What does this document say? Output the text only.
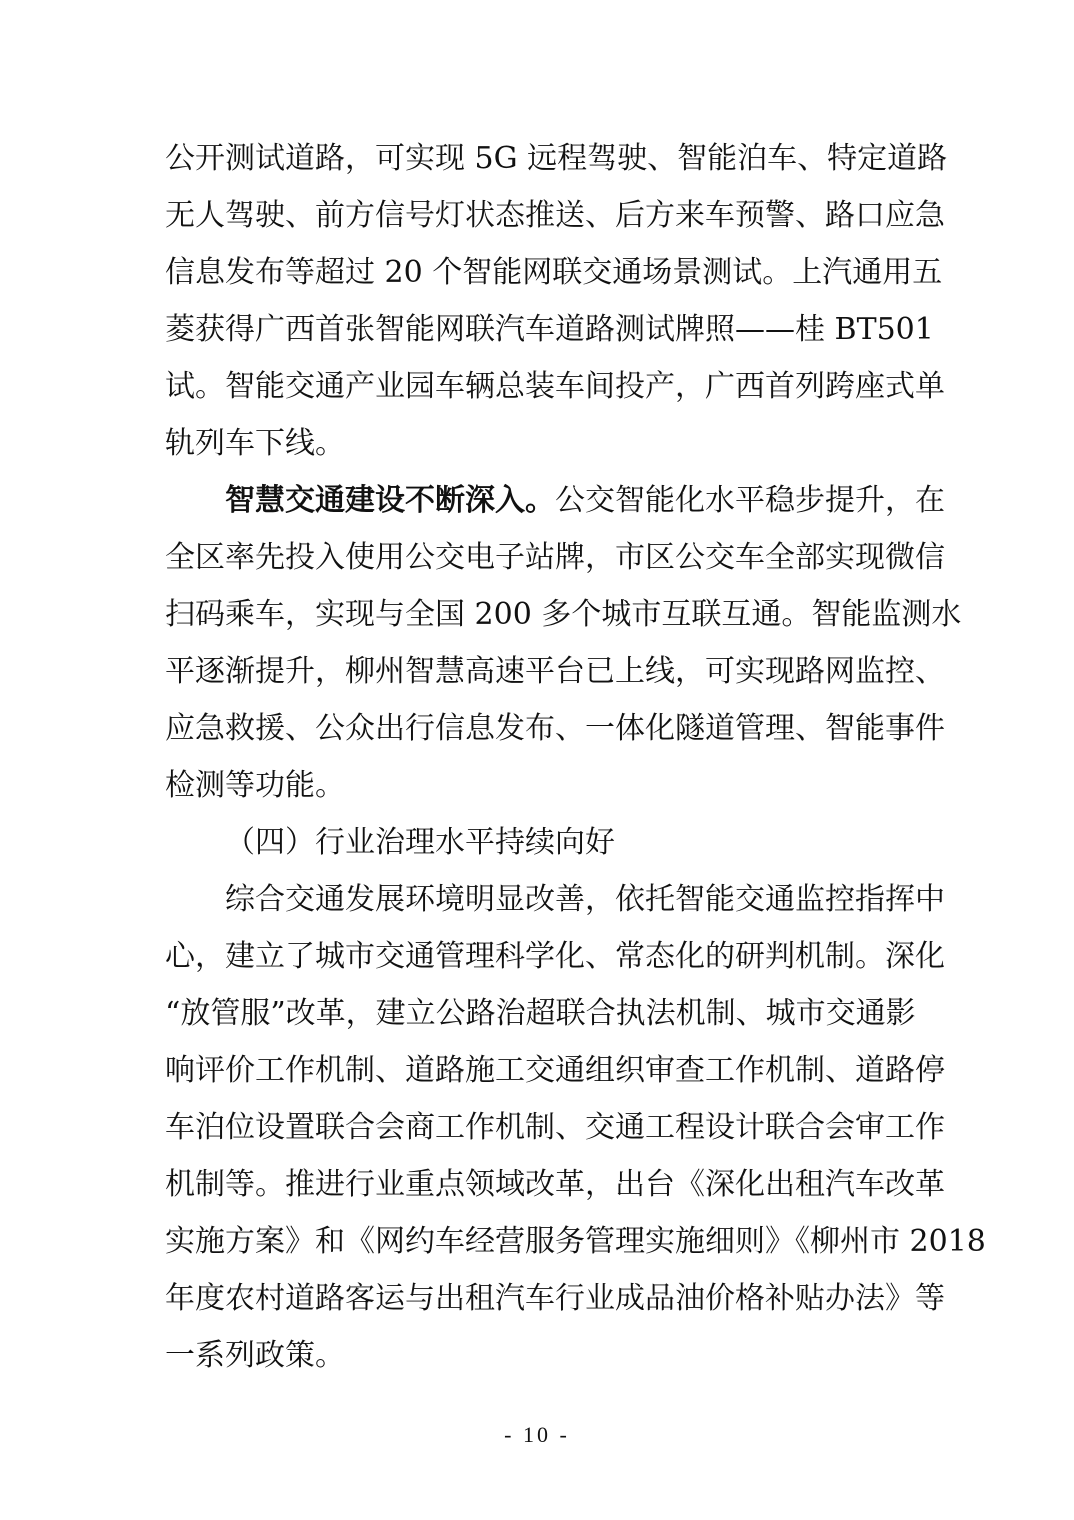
公开测试道路，可实现 5G 远程驾驶、智能泊车、特定道路
无人驾驶、前方信号灯状态推送、后方来车预警、路口应急
信息发布等超过 20 个智能网联交通场景测试。上汽通用五
菱获得广西首张智能网联汽车道路测试牌照——桂 BT501
试。智能交通产业园车辆总装车间投产，广西首列跨座式单
轨列车下线。
智慧交通建设不断深入。公交智能化水平稳步提升，在
全区率先投入使用公交电子站牌，市区公交车全部实现微信
扫码乘车，实现与全国 200 多个城市互联互通。智能监测水
平逐渐提升，柳州智慧高速平台已上线，可实现路网监控、
应急救援、公众出行信息发布、一体化隧道管理、智能事件
检测等功能。
（四）行业治理水平持续向好
综合交通发展环境明显改善，依托智能交通监控指挥中
心，建立了城市交通管理科学化、常态化的研判机制。深化
“放管服”改革，建立公路治超联合执法机制、城市交通影
响评价工作机制、道路施工交通组织审查工作机制、道路停
车泊位设置联合会商工作机制、交通工程设计联合会审工作
机制等。推进行业重点领域改革，出台《深化出租汽车改革
实施方案》和《网约车经营服务管理实施细则》《柳州市 2018
年度农村道路客运与出租汽车行业成品油价格补贴办法》等
一系列政策。
- 10 -
